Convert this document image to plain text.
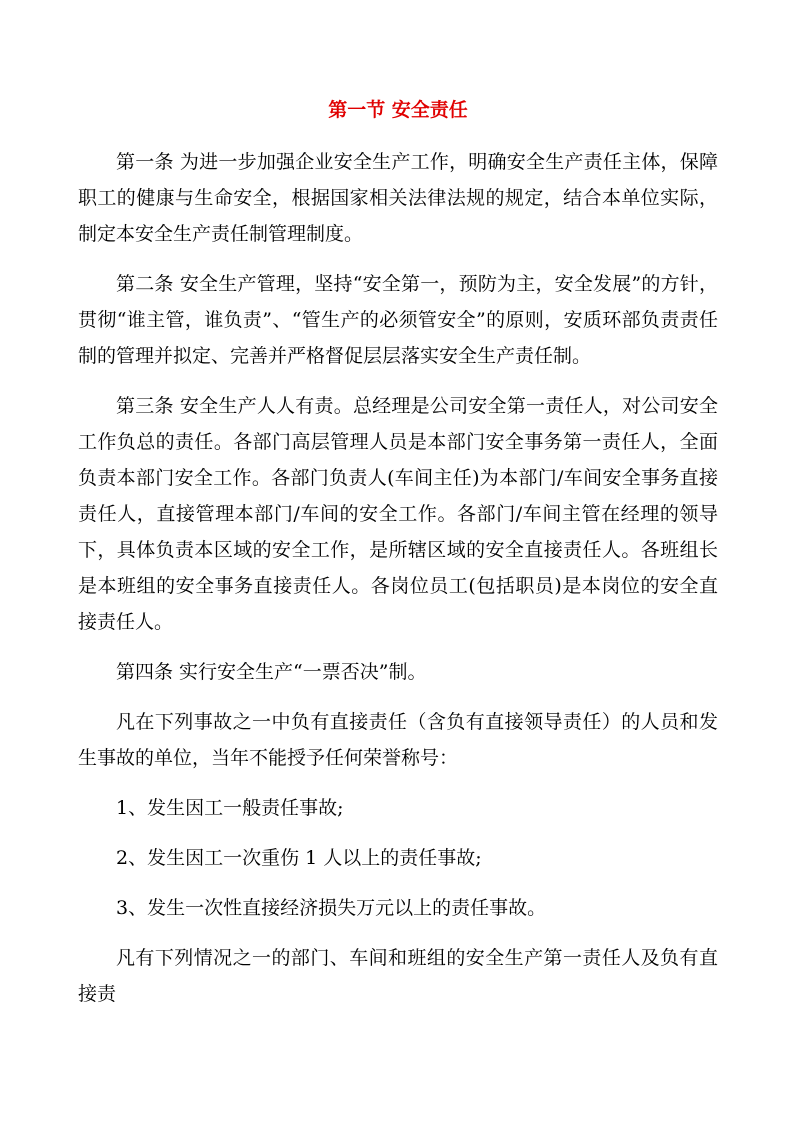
第一节 安全责任

第一条 为进一步加强企业安全生产工作，明确安全生产责任主体，保障职工的健康与生命安全，根据国家相关法律法规的规定，结合本单位实际，制定本安全生产责任制管理制度。

第二条 安全生产管理，坚持“安全第一，预防为主，安全发展”的方针，贯彻“谁主管，谁负责”、“管生产的必须管安全”的原则，安质环部负责责任制的管理并拟定、完善并严格督促层层落实安全生产责任制。

第三条 安全生产人人有责。总经理是公司安全第一责任人，对公司安全工作负总的责任。各部门高层管理人员是本部门安全事务第一责任人，全面负责本部门安全工作。各部门负责人(车间主任)为本部门/车间安全事务直接责任人，直接管理本部门/车间的安全工作。各部门/车间主管在经理的领导下，具体负责本区域的安全工作，是所辖区域的安全直接责任人。各班组长是本班组的安全事务直接责任人。各岗位员工(包括职员)是本岗位的安全直接责任人。

第四条 实行安全生产“一票否决”制。

凡在下列事故之一中负有直接责任（含负有直接领导责任）的人员和发生事故的单位，当年不能授予任何荣誉称号：

1、发生因工一般责任事故;

2、发生因工一次重伤 1 人以上的责任事故;

3、发生一次性直接经济损失万元以上的责任事故。

凡有下列情况之一的部门、车间和班组的安全生产第一责任人及负有直接责
